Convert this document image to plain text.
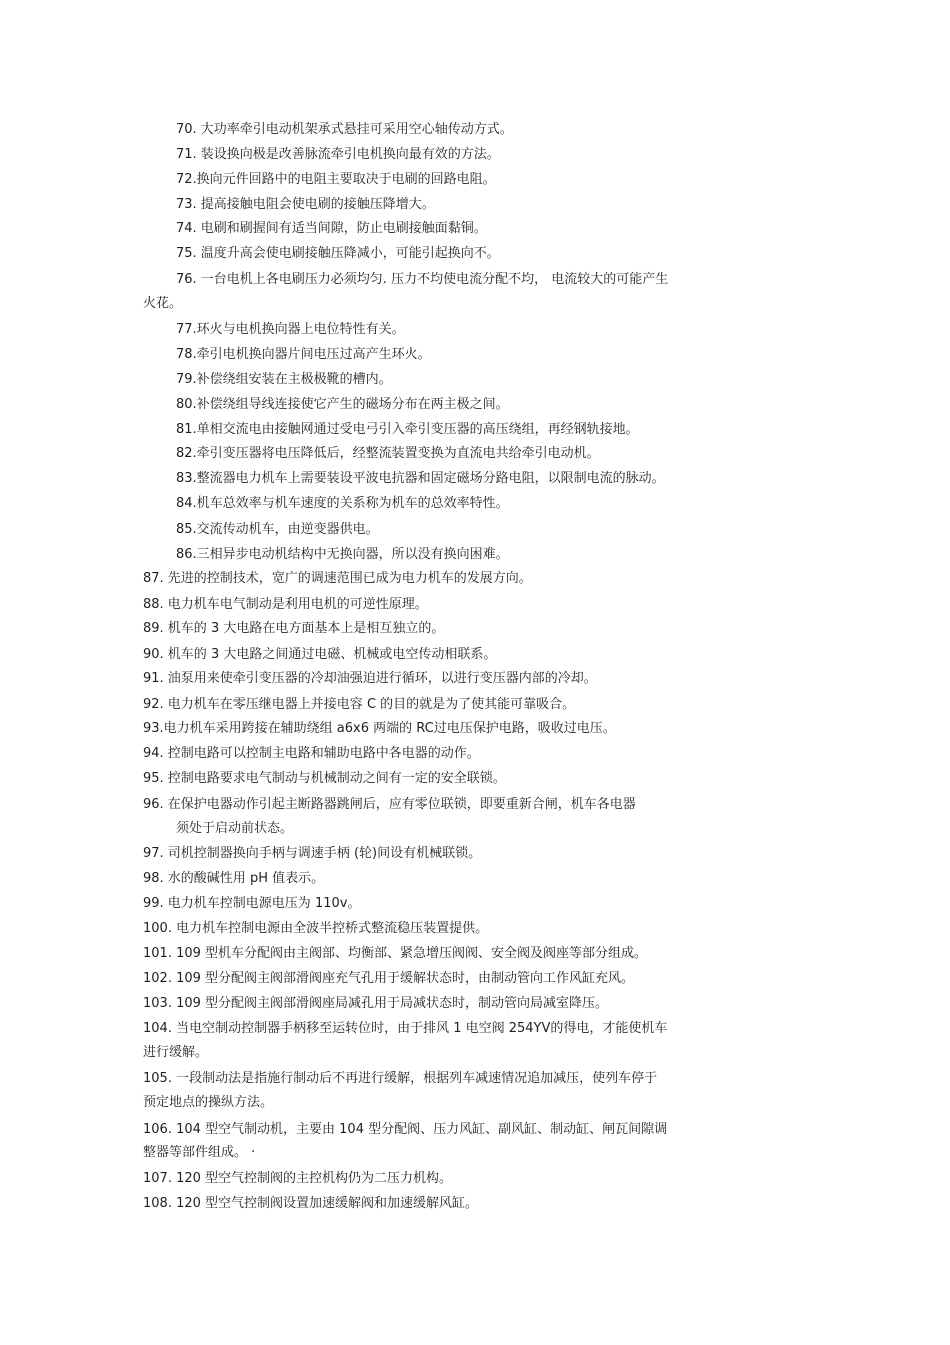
70. 大功率牵引电动机架承式悬挂可采用空心轴传动方式。

71. 装设换向极是改善脉流牵引电机换向最有效的方法。

72.换向元件回路中的电阻主要取决于电刷的回路电阻。

73. 提高接触电阻会使电刷的接触压降增大。

74. 电刷和刷握间有适当间隙，防止电刷接触面黏铜。

75. 温度升高会使电刷接触压降减小，可能引起换向不。

76. 一台电机上各电刷压力必须均匀. 压力不均使电流分配不均， 电流较大的可能产生

火花。

77.环火与电机换向器上电位特性有关。

78.牵引电机换向器片间电压过高产生环火。

79.补偿绕组安装在主极极靴的槽内。

80.补偿绕组导线连接使它产生的磁场分布在两主极之间。

81.单相交流电由接触网通过受电弓引入牵引变压器的高压绕组，再经钢轨接地。

82.牵引变压器将电压降低后，经整流装置变换为直流电共给牵引电动机。

83.整流器电力机车上需要装设平波电抗器和固定磁场分路电阻，以限制电流的脉动。

84.机车总效率与机车速度的关系称为机车的总效率特性。

85.交流传动机车，由逆变器供电。

86.三相异步电动机结构中无换向器，所以没有换向困难。

87. 先进的控制技术，宽广的调速范围已成为电力机车的发展方向。

88. 电力机车电气制动是利用电机的可逆性原理。

89. 机车的 3 大电路在电方面基本上是相互独立的。

90. 机车的 3 大电路之间通过电磁、机械或电空传动相联系。

91. 油泵用来使牵引变压器的冷却油强迫进行循环，以进行变压器内部的冷却。

92. 电力机车在零压继电器上并接电容 C 的目的就是为了使其能可靠吸合。

93.电力机车采用跨接在辅助绕组 a6x6 两端的 RC过电压保护电路，吸收过电压。

94. 控制电路可以控制主电路和辅助电路中各电器的动作。

95. 控制电路要求电气制动与机械制动之间有一定的安全联锁。

96. 在保护电器动作引起主断路器跳闸后，应有零位联锁，即要重新合闸，机车各电器

须处于启动前状态。

97. 司机控制器换向手柄与调速手柄 (轮)间设有机械联锁。

98. 水的酸碱性用 pH 值表示。

99. 电力机车控制电源电压为 110v。

100. 电力机车控制电源由全波半控桥式整流稳压装置提供。

101. 109 型机车分配阀由主阀部、均衡部、紧急增压阀阀、安全阀及阀座等部分组成。

102. 109 型分配阀主阀部滑阀座充气孔用于缓解状态时，由制动管向工作风缸充风。

103. 109 型分配阀主阀部滑阀座局减孔用于局减状态时，制动管向局减室降压。

104. 当电空制动控制器手柄移至运转位时，由于排风 1 电空阀 254YV的得电，才能使机车

进行缓解。

105. 一段制动法是指施行制动后不再进行缓解，根据列车减速情况追加减压，使列车停于

预定地点的操纵方法。

106. 104 型空气制动机，主要由 104 型分配阀、压力风缸、副风缸、制动缸、闸瓦间隙调

整器等部件组成。 ·

107. 120 型空气控制阀的主控机构仍为二压力机构。

108. 120 型空气控制阀设置加速缓解阀和加速缓解风缸。
